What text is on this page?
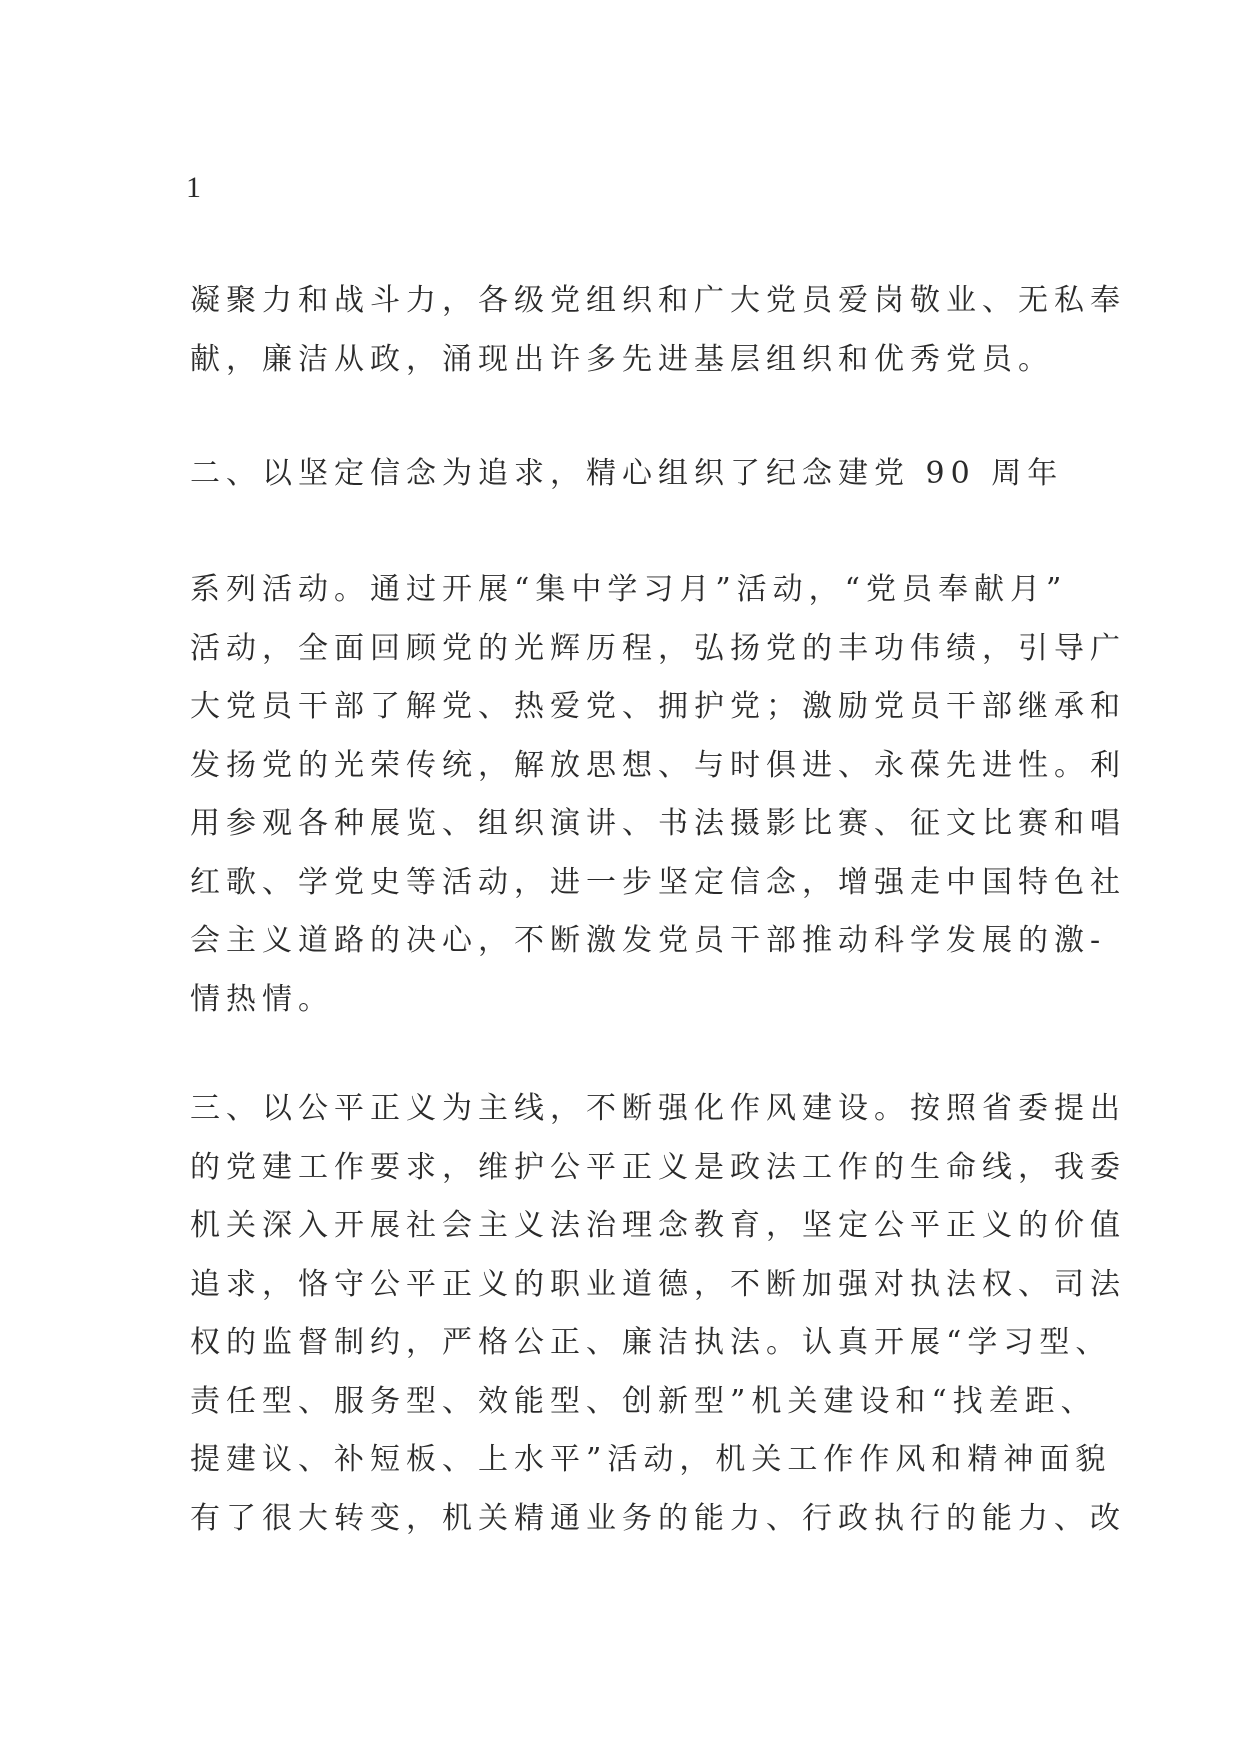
1
凝聚力和战斗力，各级党组织和广大党员爱岗敬业、无私奉
献，廉洁从政，涌现出许多先进基层组织和优秀党员。
二、以坚定信念为追求，精心组织了纪念建党 90 周年
系列活动。通过开展“集中学习月”活动，“党员奉献月”
活动，全面回顾党的光辉历程，弘扬党的丰功伟绩，引导广
大党员干部了解党、热爱党、拥护党；激励党员干部继承和
发扬党的光荣传统，解放思想、与时俱进、永葆先进性。利
用参观各种展览、组织演讲、书法摄影比赛、征文比赛和唱
红歌、学党史等活动，进一步坚定信念，增强走中国特色社
会主义道路的决心，不断激发党员干部推动科学发展的激-
情热情。
三、以公平正义为主线，不断强化作风建设。按照省委提出
的党建工作要求，维护公平正义是政法工作的生命线，我委
机关深入开展社会主义法治理念教育，坚定公平正义的价值
追求，恪守公平正义的职业道德，不断加强对执法权、司法
权的监督制约，严格公正、廉洁执法。认真开展“学习型、
责任型、服务型、效能型、创新型”机关建设和“找差距、
提建议、补短板、上水平”活动，机关工作作风和精神面貌
有了很大转变，机关精通业务的能力、行政执行的能力、改
